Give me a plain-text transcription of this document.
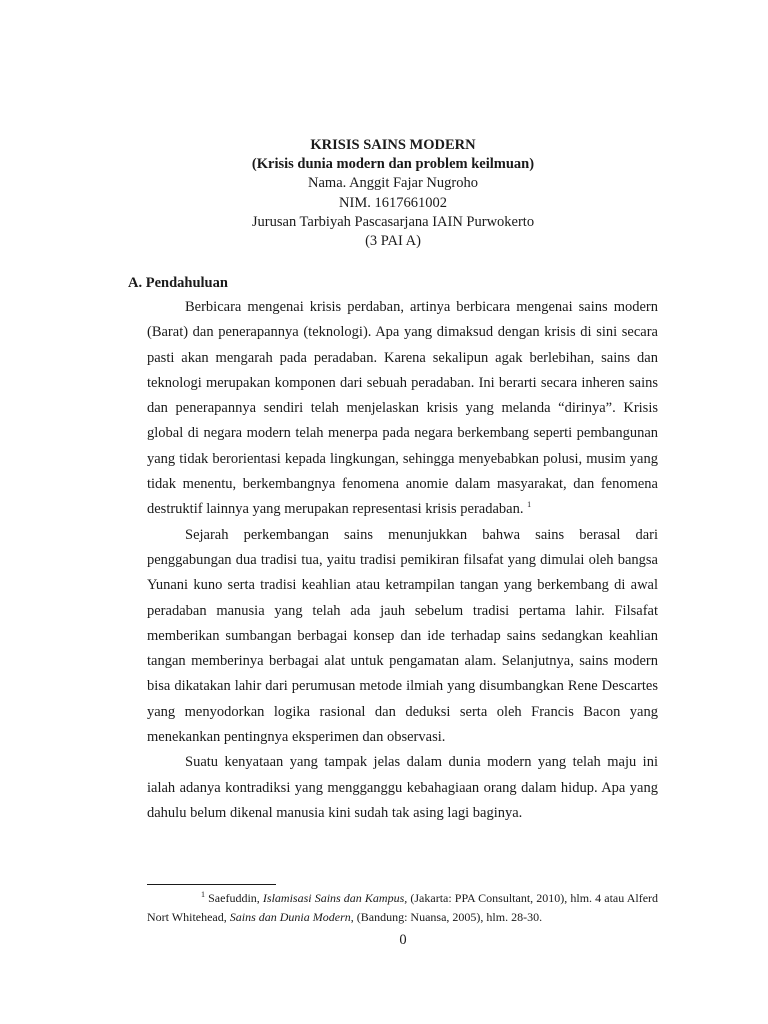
KRISIS SAINS MODERN
(Krisis dunia modern dan problem keilmuan)
Nama. Anggit Fajar Nugroho
NIM. 1617661002
Jurusan Tarbiyah Pascasarjana IAIN Purwokerto
(3 PAI A)
A. Pendahuluan

Berbicara mengenai krisis perdaban, artinya berbicara mengenai sains modern (Barat) dan penerapannya (teknologi). Apa yang dimaksud dengan krisis di sini secara pasti akan mengarah pada peradaban. Karena sekalipun agak berlebihan, sains dan teknologi merupakan komponen dari sebuah peradaban. Ini berarti secara inheren sains dan penerapannya sendiri telah menjelaskan krisis yang melanda “dirinya”. Krisis global di negara modern telah menerpa pada negara berkembang seperti pembangunan yang tidak berorientasi kepada lingkungan, sehingga menyebabkan polusi, musim yang tidak menentu, berkembangnya fenomena anomie dalam masyarakat, dan fenomena destruktif lainnya yang merupakan representasi krisis peradaban. $^1$

Sejarah perkembangan sains menunjukkan bahwa sains berasal dari penggabungan dua tradisi tua, yaitu tradisi pemikiran filsafat yang dimulai oleh bangsa Yunani kuno serta tradisi keahlian atau ketrampilan tangan yang berkembang di awal peradaban manusia yang telah ada jauh sebelum tradisi pertama lahir. Filsafat memberikan sumbangan berbagai konsep dan ide terhadap sains sedangkan keahlian tangan memberinya berbagai alat untuk pengamatan alam. Selanjutnya, sains modern bisa dikatakan lahir dari perumusan metode ilmiah yang disumbangkan Rene Descartes yang menyodorkan logika rasional dan deduksi serta oleh Francis Bacon yang menekankan pentingnya eksperimen dan observasi.

Suatu kenyataan yang tampak jelas dalam dunia modern yang telah maju ini ialah adanya kontradiksi yang mengganggu kebahagiaan orang dalam hidup. Apa yang dahulu belum dikenal manusia kini sudah tak asing lagi baginya.

$^1$ Saefuddin, Islamisasi Sains dan Kampus, (Jakarta: PPA Consultant, 2010), hlm. 4 atau Alferd Nort Whitehead, Sains dan Dunia Modern, (Bandung: Nuansa, 2005), hlm. 28-30.
0
